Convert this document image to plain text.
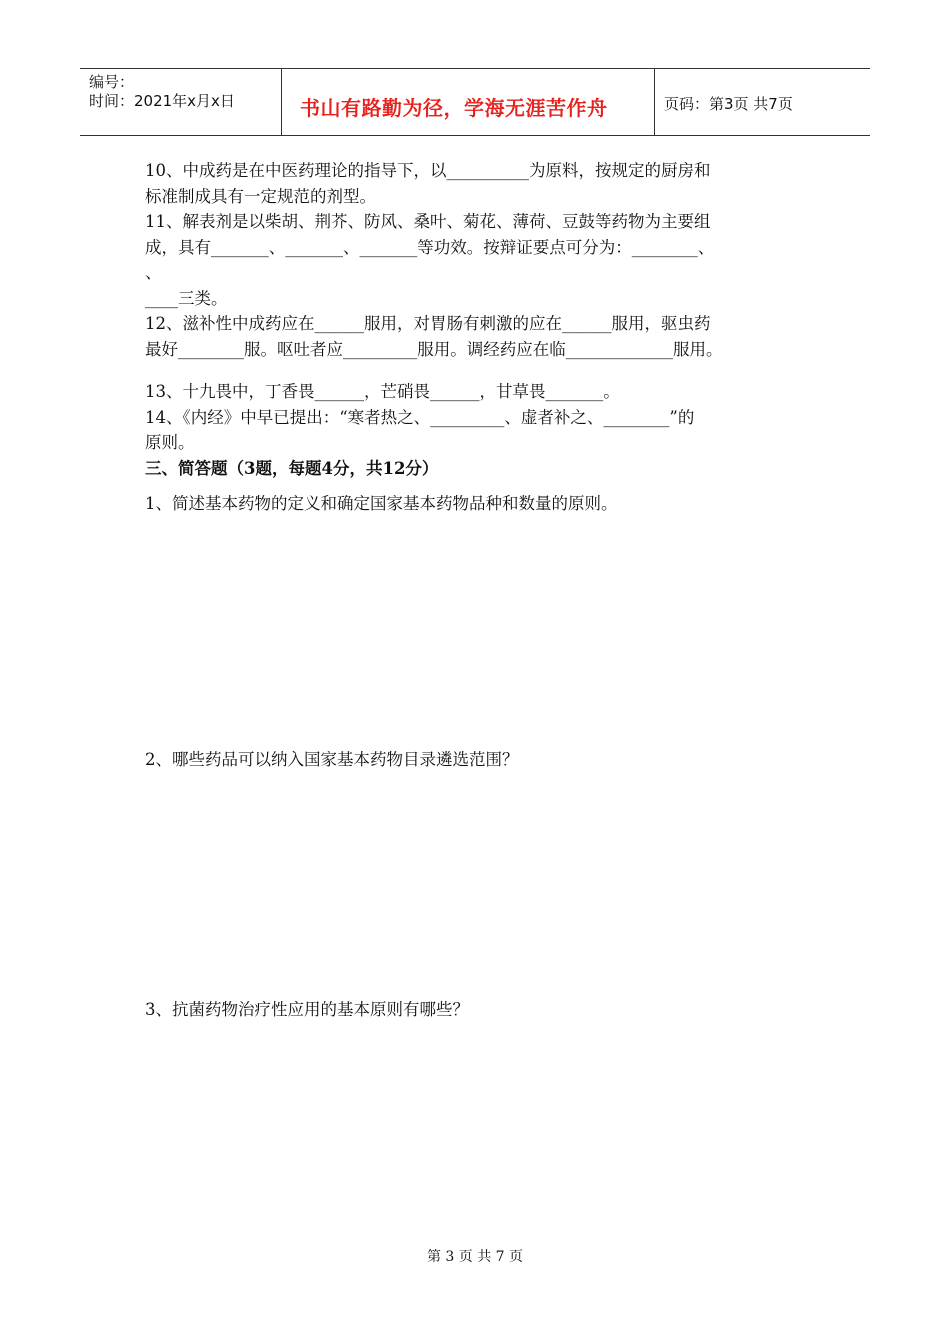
编号：
时间：2021年x月x日	书山有路勤为径，学海无涯苦作舟	页码：第3页 共7页

10、中成药是在中医药理论的指导下，以__________为原料，按规定的厨房和

标准制成具有一定规范的剂型。

11、解表剂是以柴胡、荆芥、防风、桑叶、菊花、薄荷、豆鼓等药物为主要组

成，具有_______、_______、_______等功效。按辩证要点可分为：________、

、

____三类。

12、滋补性中成药应在______服用，对胃肠有刺激的应在______服用，驱虫药

最好________服。呕吐者应_________服用。调经药应在临_____________服用。

13、十九畏中，丁香畏______，芒硝畏______，甘草畏_______。

14、《内经》中早已提出：“寒者热之、_________、虚者补之、________”的

原则。

三、简答题（3题，每题4分，共12分）

1、简述基本药物的定义和确定国家基本药物品种和数量的原则。

2、哪些药品可以纳入国家基本药物目录遴选范围？

3、抗菌药物治疗性应用的基本原则有哪些？

第 3 页 共 7 页
